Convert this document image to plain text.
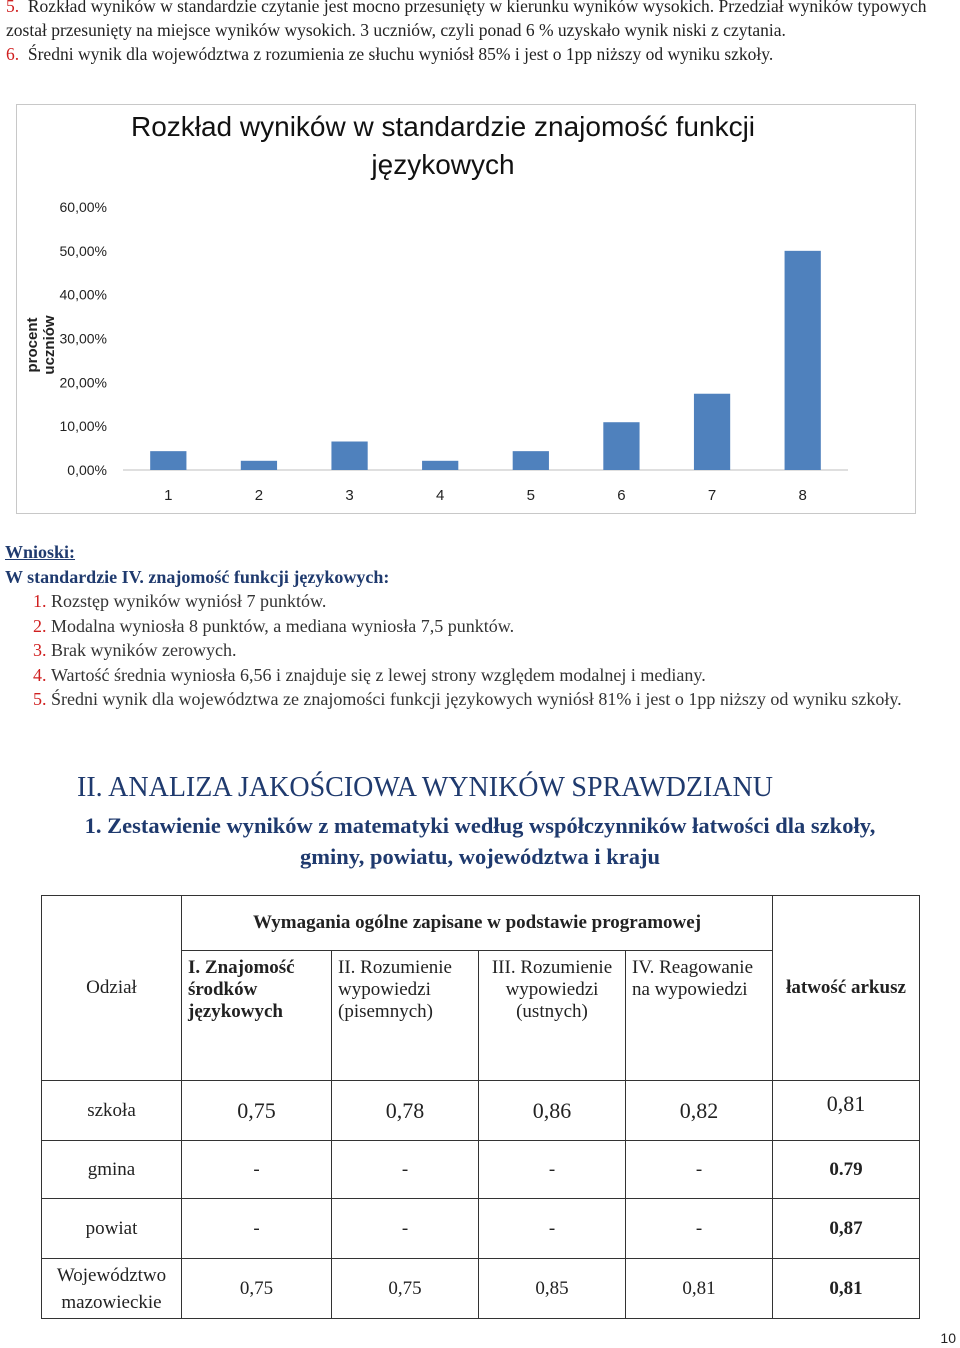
5. Rozkład wyników w standardzie czytanie jest mocno przesunięty w kierunku wyników wysokich. Przedział wyników typowych został przesunięty na miejsce wyników wysokich. 3 uczniów, czyli ponad 6 % uzyskało wynik niski z czytania.

6. Średni wynik dla województwa z rozumienia ze słuchu wyniósł 85% i jest o 1pp niższy od wyniku szkoły.

Rozkład wyników w standardzie znajomość funkcji
językowych
procent uczniów
0,00%
10,00%
20,00%
30,00%
40,00%
50,00%
60,00%
1	2	3	4	5	6	7	8
Wnioski:
W standardzie IV. znajomość funkcji językowych:
1. Rozstęp wyników wyniósł 7 punktów.
2. Modalna wyniosła 8 punktów, a mediana wyniosła 7,5 punktów.
3. Brak wyników zerowych.
4. Wartość średnia wyniosła 6,56 i znajduje się z lewej strony względem modalnej i mediany.
5. Średni wynik dla województwa ze znajomości funkcji językowych wyniósł 81% i jest o 1pp niższy od wyniku szkoły.
II. ANALIZA JAKOŚCIOWA WYNIKÓW SPRAWDZIANU
1. Zestawienie wyników z matematyki według współczynników łatwości dla szkoły,
gminy, powiatu, województwa i kraju
Odział	Wymagania ogólne zapisane w podstawie programowej				łatwość arkusz
	I. Znajomość środków językowych	II. Rozumienie wypowiedzi (pisemnych)	III. Rozumienie wypowiedzi (ustnych)	IV. Reagowanie na wypowiedzi	
szkoła	0,75	0,78	0,86	0,82	0,81
gmina	-	-	-	-	0.79
powiat	-	-	-	-	0,87
Województwo mazowieckie	0,75	0,75	0,85	0,81	0,81
10
